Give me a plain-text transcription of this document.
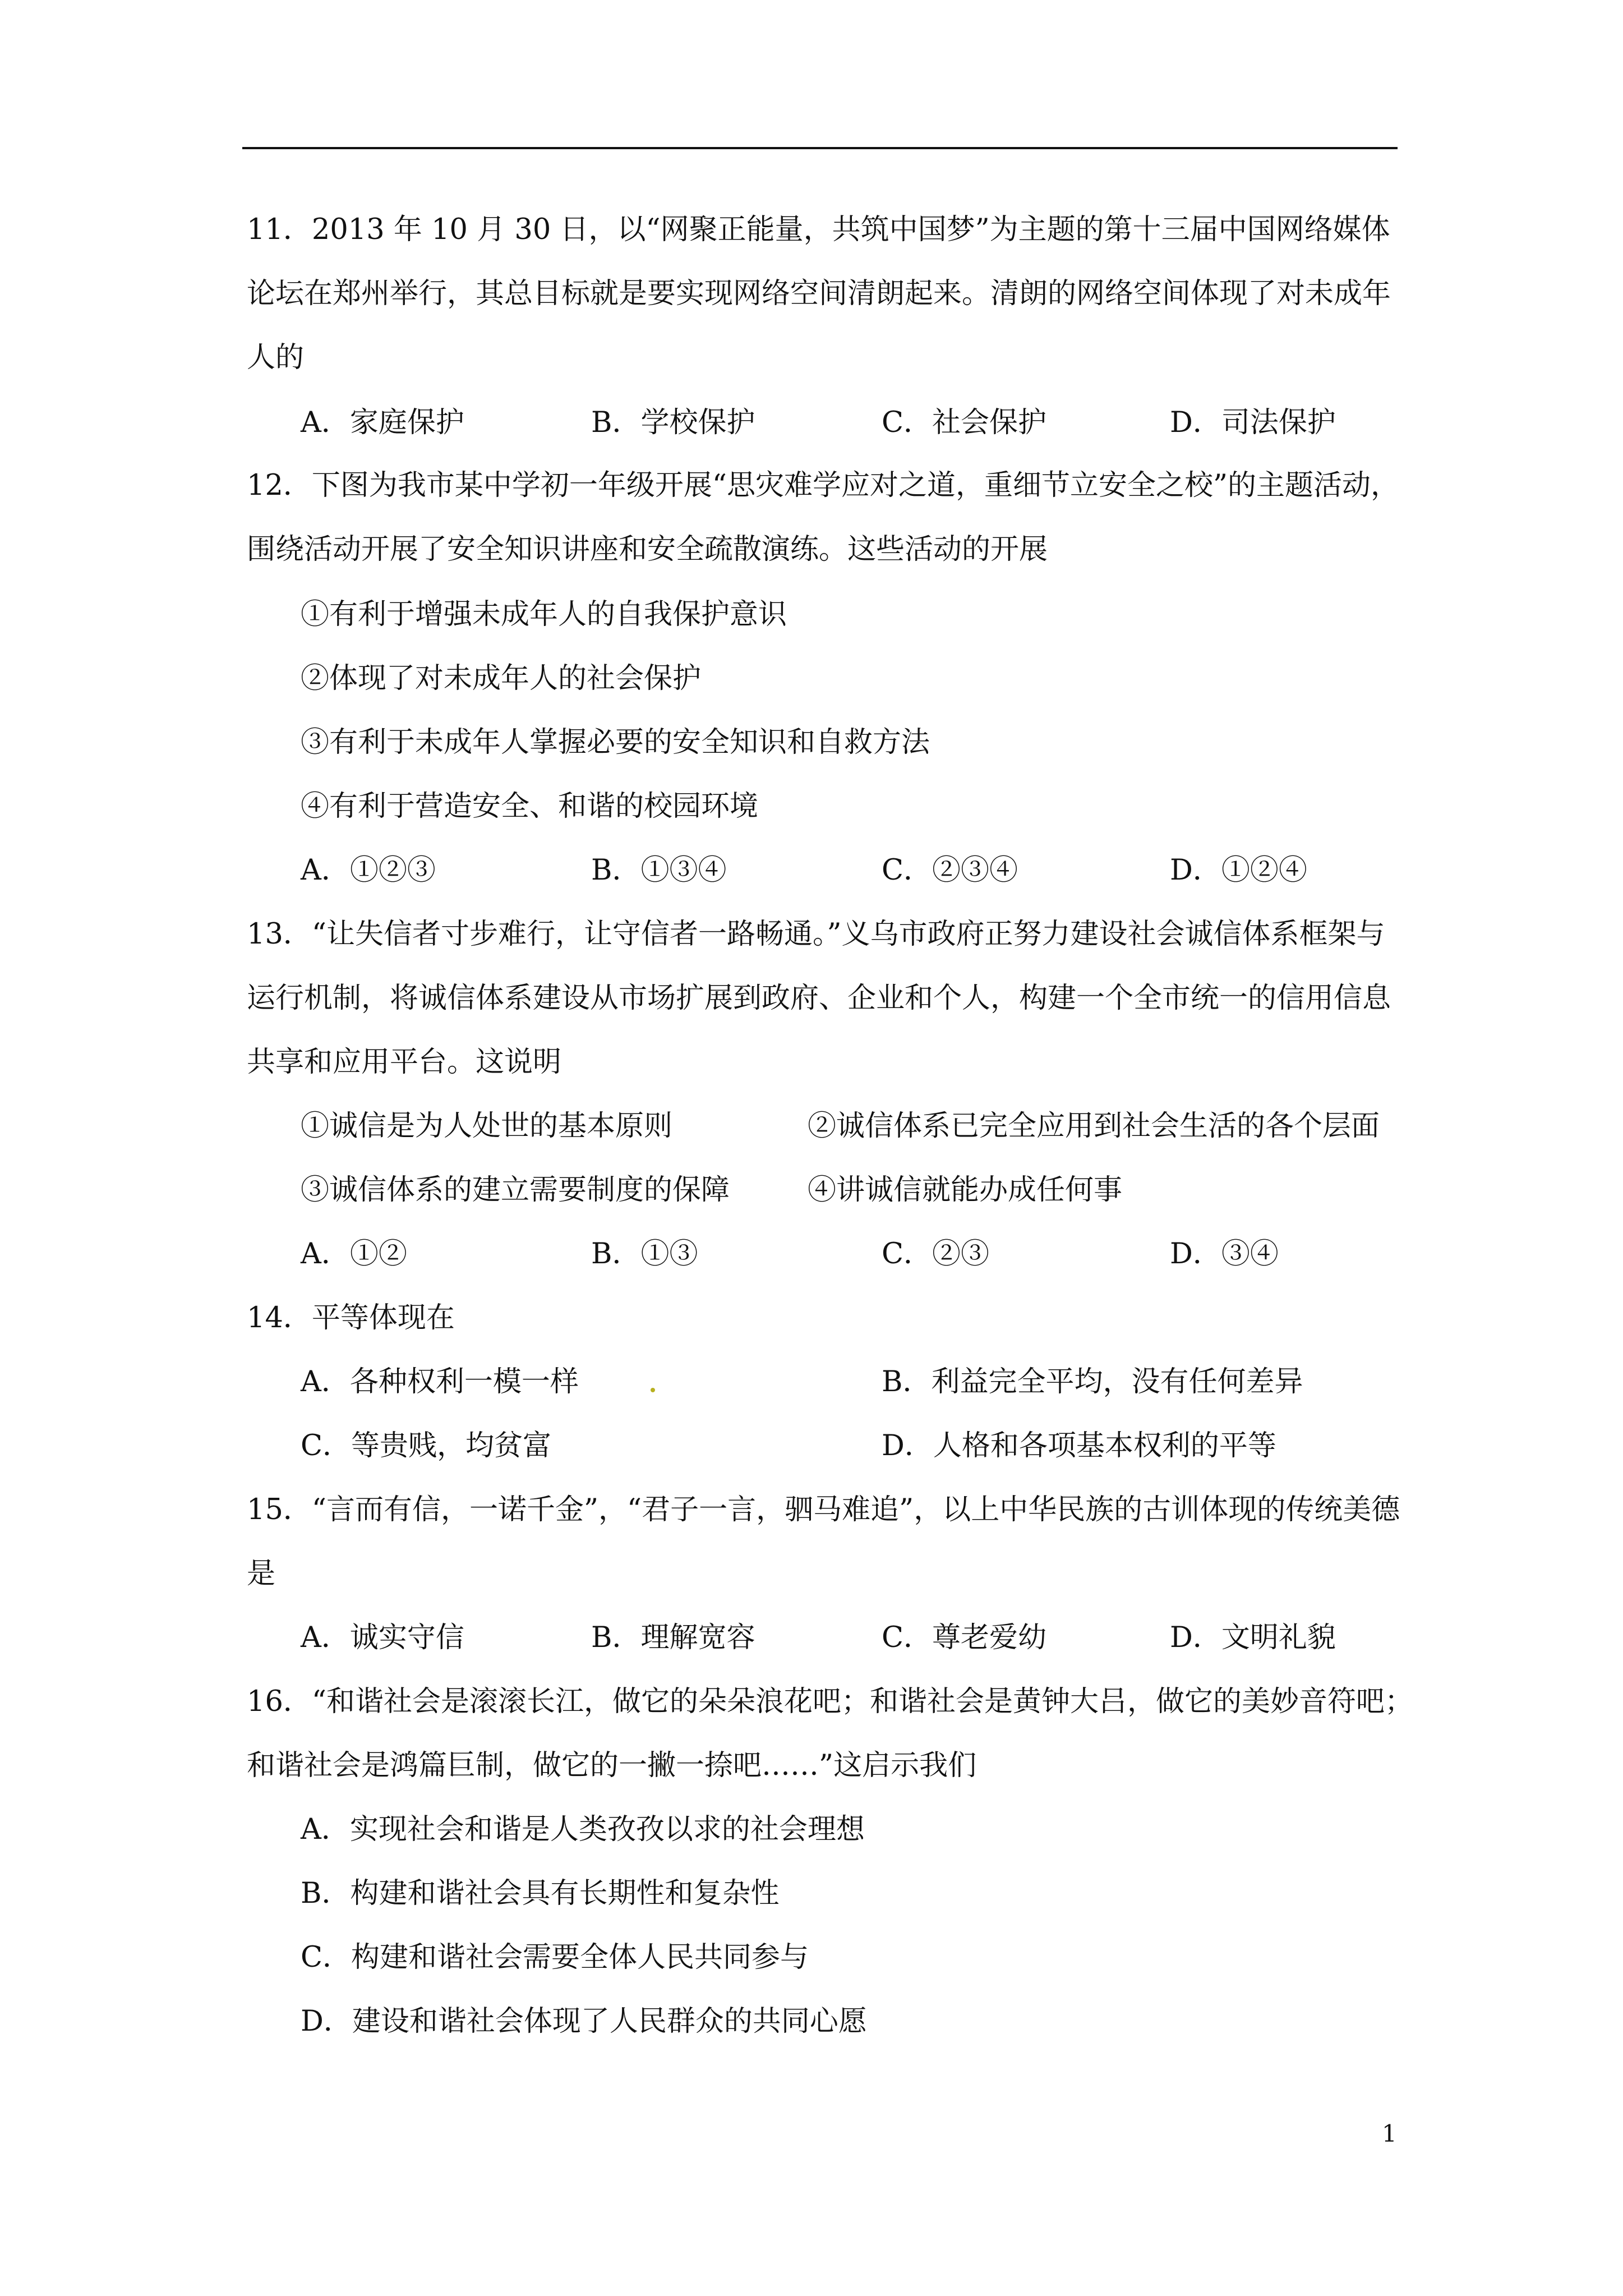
11．2013 年 10 月 30 日，以“网聚正能量，共筑中国梦”为主题的第十三届中国网络媒体
论坛在郑州举行，其总目标就是要实现网络空间清朗起来。清朗的网络空间体现了对未成年
人的
A．家庭保护	B．学校保护	C．社会保护	D．司法保护
12．下图为我市某中学初一年级开展“思灾难学应对之道，重细节立安全之校”的主题活动，
围绕活动开展了安全知识讲座和安全疏散演练。这些活动的开展
①有利于增强未成年人的自我保护意识
②体现了对未成年人的社会保护
③有利于未成年人掌握必要的安全知识和自救方法
④有利于营造安全、和谐的校园环境
A．①②③	B．①③④	C．②③④	D．①②④
13．“让失信者寸步难行，让守信者一路畅通。”义乌市政府正努力建设社会诚信体系框架与
运行机制，将诚信体系建设从市场扩展到政府、企业和个人，构建一个全市统一的信用信息
共享和应用平台。这说明
①诚信是为人处世的基本原则	②诚信体系已完全应用到社会生活的各个层面
③诚信体系的建立需要制度的保障	④讲诚信就能办成任何事
A．①②	B．①③	C．②③	D．③④
14．平等体现在
A．各种权利一模一样	B．利益完全平均，没有任何差异
C．等贵贱，均贫富	D．人格和各项基本权利的平等
15．“言而有信，一诺千金”，“君子一言，驷马难追”，以上中华民族的古训体现的传统美德
是
A．诚实守信	B．理解宽容	C．尊老爱幼	D．文明礼貌
16．“和谐社会是滚滚长江，做它的朵朵浪花吧；和谐社会是黄钟大吕，做它的美妙音符吧；
和谐社会是鸿篇巨制，做它的一撇一捺吧……”这启示我们
A．实现社会和谐是人类孜孜以求的社会理想
B．构建和谐社会具有长期性和复杂性
C．构建和谐社会需要全体人民共同参与
D．建设和谐社会体现了人民群众的共同心愿
1
